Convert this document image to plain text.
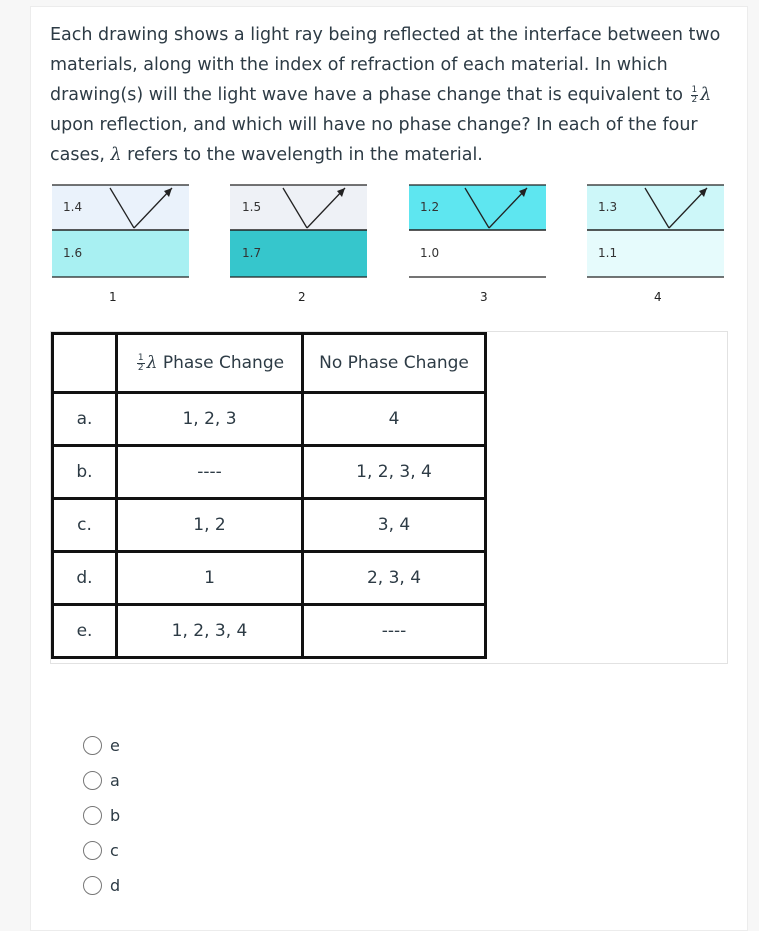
Each drawing shows a light ray being reflected at the interface between two materials, along with the index of refraction of each material. In which drawing(s) will the light wave have a phase change that is equivalent to $\frac{1}{2}$ λ
upon reflection, and which will have no phase change? In each of the four cases, λ refers to the wavelength in the material.
1.4
1.6
1
1.5
1.7
2
1.2
1.0
3
1.3
1.1
4

	$\frac{1}{2}$ λ Phase Change	No Phase Change
a.	1, 2, 3	4
b.	----	1, 2, 3, 4
c.	1, 2	3, 4
d.	1	2, 3, 4
e.	1, 2, 3, 4	----
e
a
b
c
d
